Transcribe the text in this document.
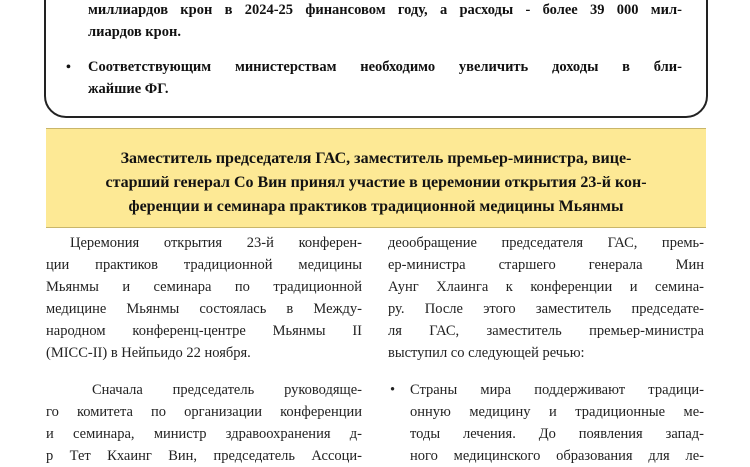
миллиардов крон в 2024-25 финансовом году, а расходы - более 39 000 мил-
лиардов крон.
• Соответствующим министерствам необходимо увеличить доходы в бли-
жайшие ФГ.
Заместитель председателя ГАС, заместитель премьер-министра, вице-
старший генерал Со Вин принял участие в церемонии открытия 23-й кон-
ференции и семинара практиков традиционной медицины Мьянмы

Церемония открытия 23-й конферен-
ции практиков традиционной медицины
Мьянмы и семинара по традиционной
медицине Мьянмы состоялась в Между-
народном конференц-центре Мьянмы II
(MICC-II) в Нейпьидо 22 ноября.

Сначала председатель руководяще-
го комитета по организации конференции
и семинара, министр здравоохранения д-
р Тет Кхаинг Вин, председатель Ассоци-

деообращение председателя ГАС, премь-
ер-министра старшего генерала Мин
Аунг Хлаинга к конференции и семина-
ру. После этого заместитель председате-
ля ГАС, заместитель премьер-министра
выступил со следующей речью:

• Страны мира поддерживают традици-
онную медицину и традиционные ме-
тоды лечения. До появления запад-
ного медицинского образования для ле-
